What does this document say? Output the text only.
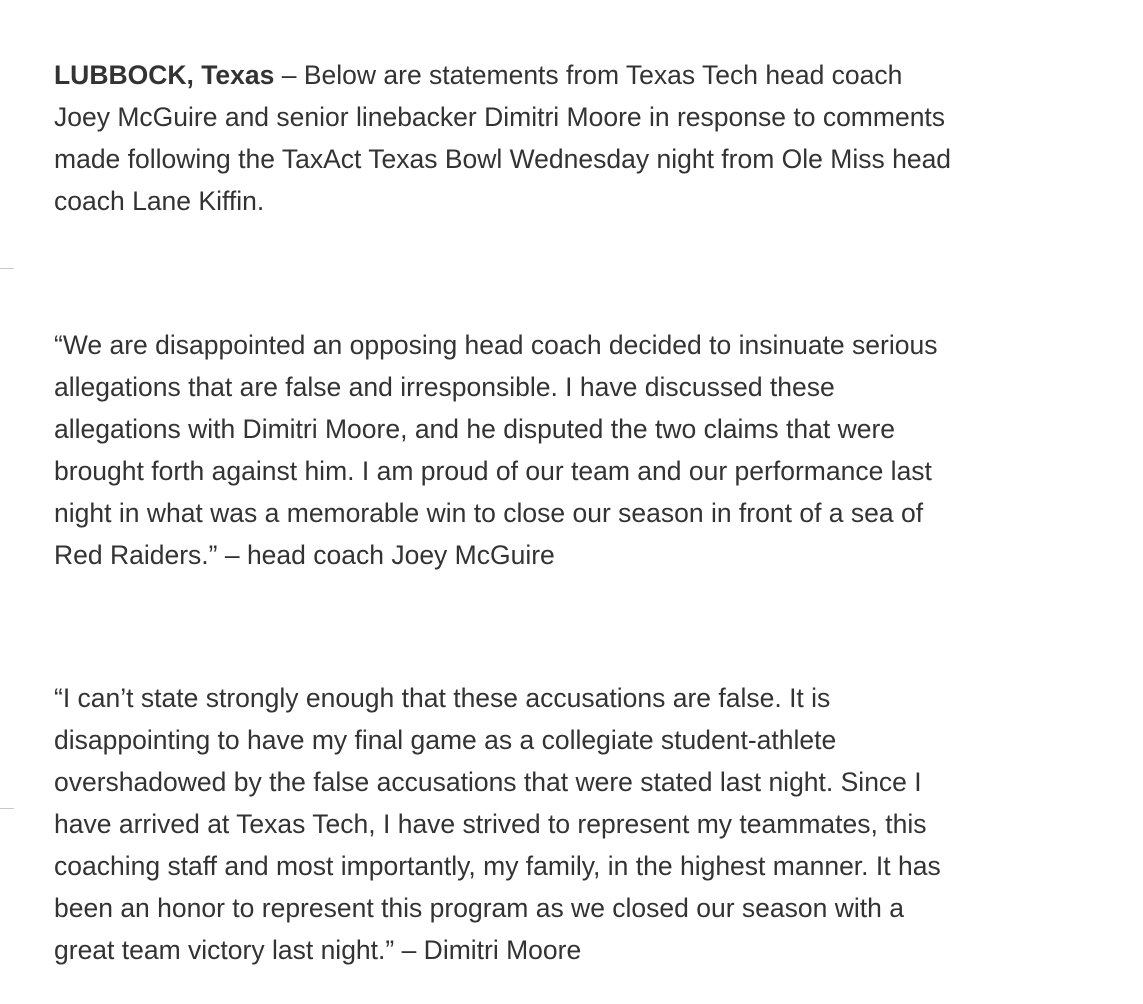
LUBBOCK, Texas – Below are statements from Texas Tech head coach
Joey McGuire and senior linebacker Dimitri Moore in response to comments
made following the TaxAct Texas Bowl Wednesday night from Ole Miss head
coach Lane Kiffin.

“We are disappointed an opposing head coach decided to insinuate serious
allegations that are false and irresponsible. I have discussed these
allegations with Dimitri Moore, and he disputed the two claims that were
brought forth against him. I am proud of our team and our performance last
night in what was a memorable win to close our season in front of a sea of
Red Raiders.” – head coach Joey McGuire

“I can’t state strongly enough that these accusations are false. It is
disappointing to have my final game as a collegiate student-athlete
overshadowed by the false accusations that were stated last night. Since I
have arrived at Texas Tech, I have strived to represent my teammates, this
coaching staff and most importantly, my family, in the highest manner. It has
been an honor to represent this program as we closed our season with a
great team victory last night.” – Dimitri Moore
